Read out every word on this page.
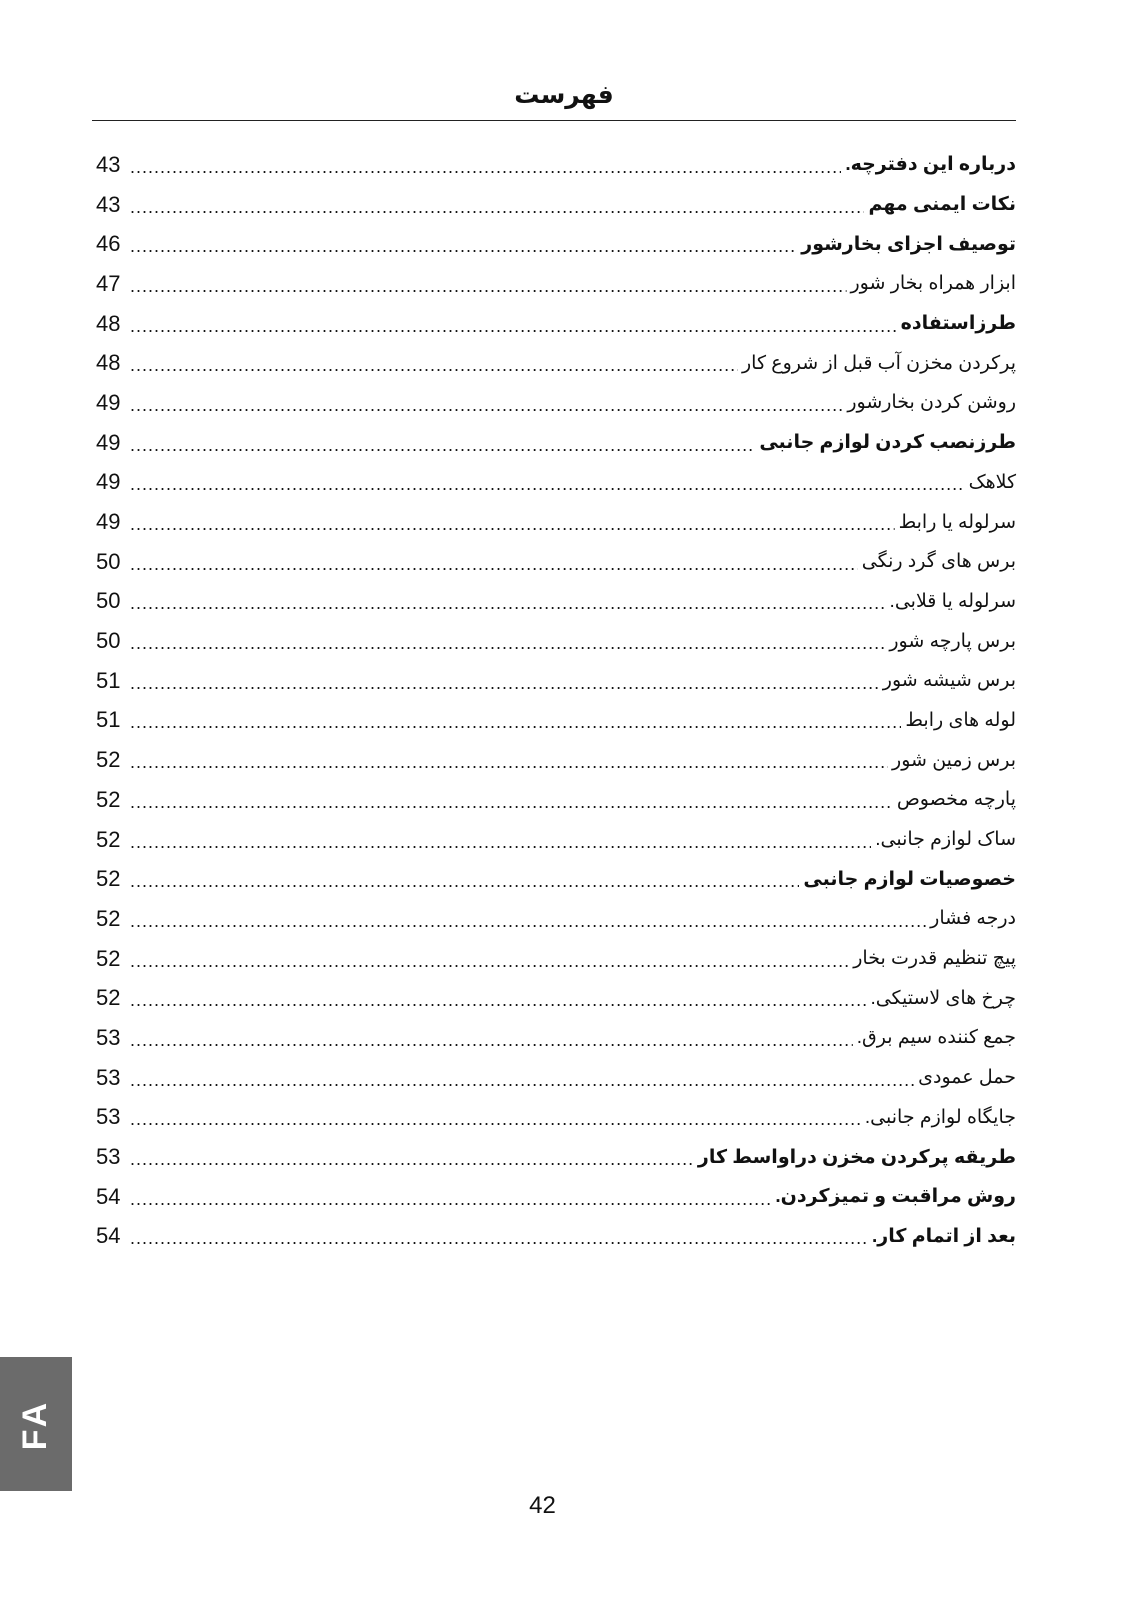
فهرست
43 .....	درباره این دفترچه.
43 .....	نکات ایمنی مهم
46 .....	توصیف اجزای بخارشور
47 .....	ابزار همراه بخار شور
48 .....	طرزاستفاده
48 .....	پرکردن مخزن آب قبل از شروع کار
49 .....	روشن کردن بخارشور
49 .....	طرزنصب کردن لوازم جانبی
49 .....	کلاهک
49 .....	سرلوله یا رابط
50 .....	برس های گرد رنگی
50 .....	سرلوله یا قلابی.
50 .....	برس پارچه شور
51 .....	برس شیشه شور
51 .....	لوله های رابط
52 .....	برس زمین شور
52 .....	پارچه مخصوص
52 .....	ساک لوازم جانبی.
52 .....	خصوصیات لوازم جانبی
52 .....	درجه فشار
52 .....	پیچ تنظیم قدرت بخار
52 .....	چرخ های لاستیکی.
53 .....	جمع کننده سیم برق.
53 .....	حمل عمودی
53 .....	جایگاه لوازم جانبی.
53 .....	طریقه پرکردن مخزن دراواسط کار
54 .....	روش مراقبت و تمیزکردن.
54 .....	بعد از اتمام کار.
FA
42
